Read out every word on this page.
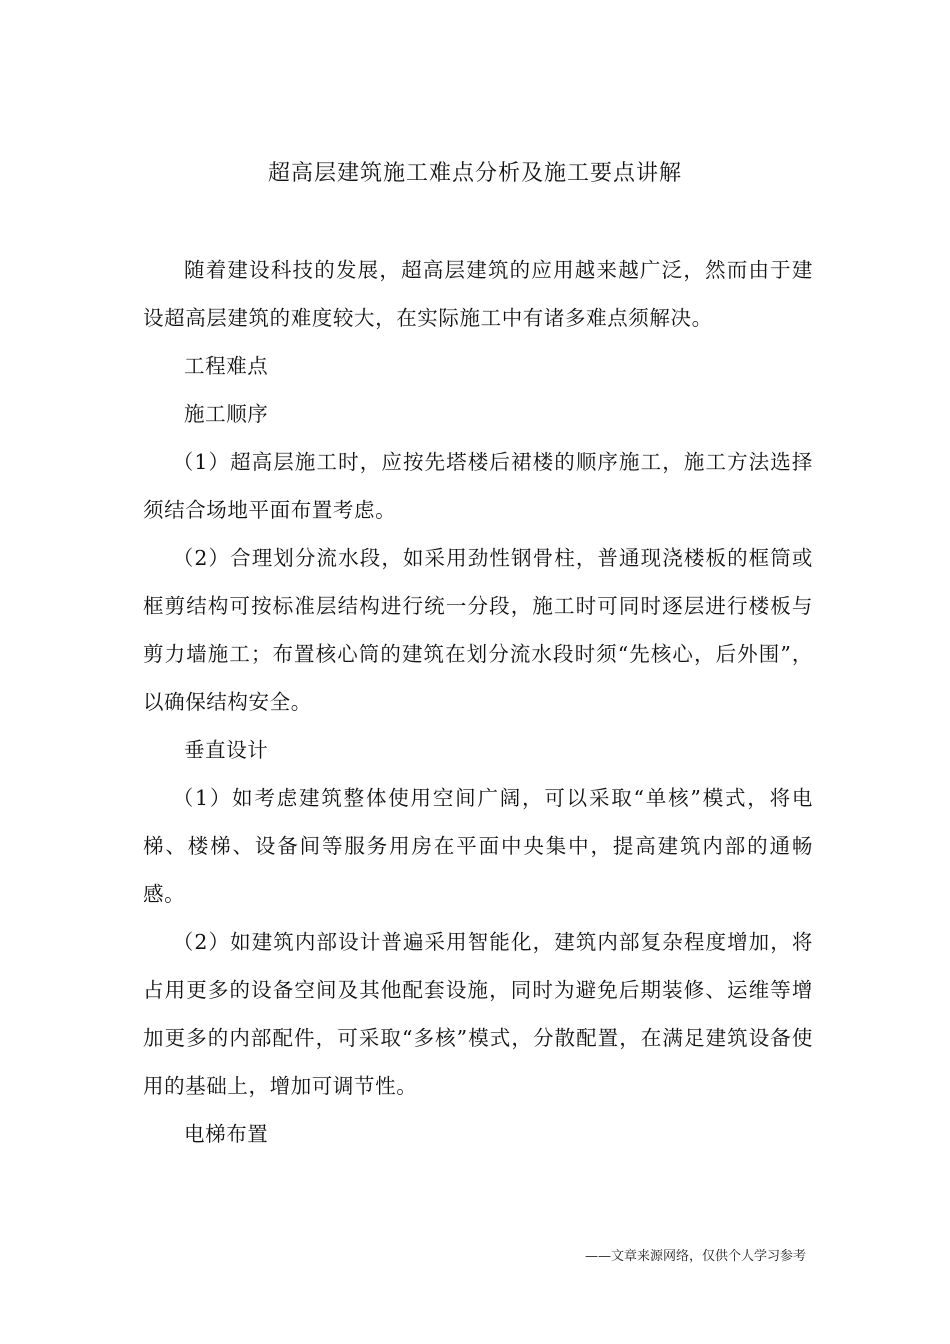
超高层建筑施工难点分析及施工要点讲解

随着建设科技的发展，超高层建筑的应用越来越广泛，然而由于建设超高层建筑的难度较大，在实际施工中有诸多难点须解决。

工程难点

施工顺序

（1）超高层施工时，应按先塔楼后裙楼的顺序施工，施工方法选择须结合场地平面布置考虑。

（2）合理划分流水段，如采用劲性钢骨柱，普通现浇楼板的框筒或框剪结构可按标准层结构进行统一分段，施工时可同时逐层进行楼板与剪力墙施工；布置核心筒的建筑在划分流水段时须“先核心，后外围”，以确保结构安全。

垂直设计

（1）如考虑建筑整体使用空间广阔，可以采取“单核”模式，将电梯、楼梯、设备间等服务用房在平面中央集中，提高建筑内部的通畅感。

（2）如建筑内部设计普遍采用智能化，建筑内部复杂程度增加，将占用更多的设备空间及其他配套设施，同时为避免后期装修、运维等增加更多的内部配件，可采取“多核”模式，分散配置，在满足建筑设备使用的基础上，增加可调节性。

电梯布置

——文章来源网络，仅供个人学习参考
